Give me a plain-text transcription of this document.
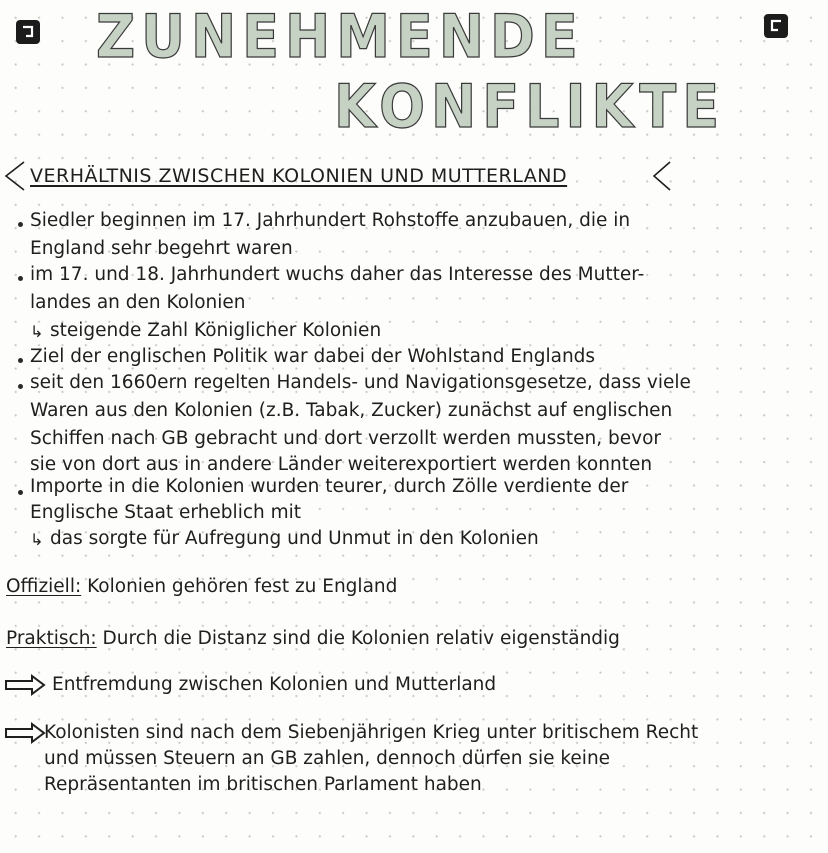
ZUNEHMENDE
KONFLIKTE
VERHÄLTNIS ZWISCHEN KOLONIEN UND MUTTERLAND
Siedler beginnen im 17. Jahrhundert Rohstoffe anzubauen, die in
England sehr begehrt waren
im 17. und 18. Jahrhundert wuchs daher das Interesse des Mutter-
landes an den Kolonien
↳ steigende Zahl Königlicher Kolonien
Ziel der englischen Politik war dabei der Wohlstand Englands
seit den 1660ern regelten Handels- und Navigationsgesetze, dass viele
Waren aus den Kolonien (z.B. Tabak, Zucker) zunächst auf englischen
Schiffen nach GB gebracht und dort verzollt werden mussten, bevor
sie von dort aus in andere Länder weiterexportiert werden konnten
Importe in die Kolonien wurden teurer, durch Zölle verdiente der
Englische Staat erheblich mit
↳ das sorgte für Aufregung und Unmut in den Kolonien
Offiziell: Kolonien gehören fest zu England
Praktisch: Durch die Distanz sind die Kolonien relativ eigenständig
Entfremdung zwischen Kolonien und Mutterland
Kolonisten sind nach dem Siebenjährigen Krieg unter britischem Recht
und müssen Steuern an GB zahlen, dennoch dürfen sie keine
Repräsentanten im britischen Parlament haben
